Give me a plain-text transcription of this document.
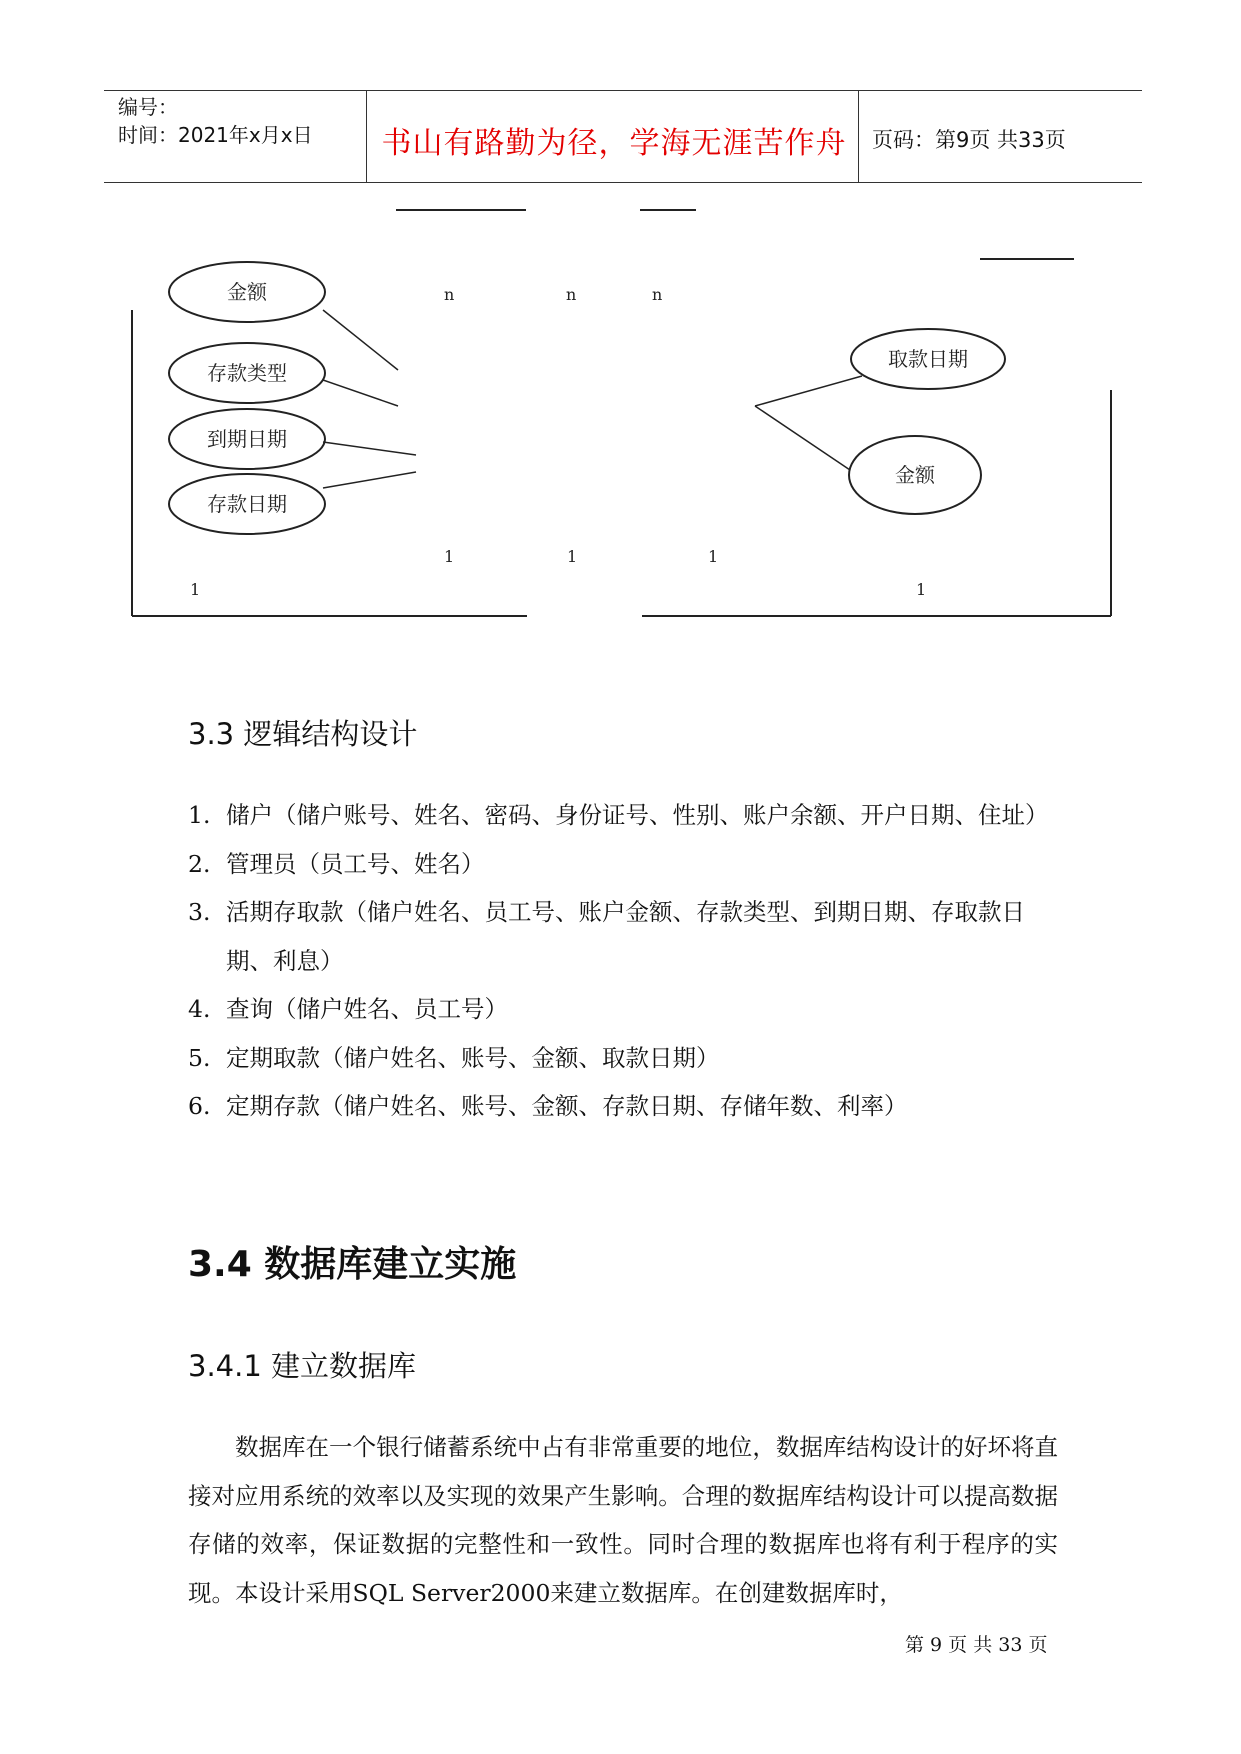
编号：
时间：2021年x月x日	书山有路勤为径，学海无涯苦作舟	页码：第9页 共33页
金额
存款类型
到期日期
存款日期
取款日期
金额
n	n	n
1	1	1
1	1
3.3 逻辑结构设计
1. 储户（储户账号、姓名、密码、身份证号、性别、账户余额、开户日期、住址）
2. 管理员（员工号、姓名）
3. 活期存取款（储户姓名、员工号、账户金额、存款类型、到期日期、存取款日期、利息）
4. 查询（储户姓名、员工号）
5. 定期取款（储户姓名、账号、金额、取款日期）
6. 定期存款（储户姓名、账号、金额、存款日期、存储年数、利率）
3.4 数据库建立实施
3.4.1 建立数据库

数据库在一个银行储蓄系统中占有非常重要的地位，数据库结构设计的好坏将直接对应用系统的效率以及实现的效果产生影响。合理的数据库结构设计可以提高数据存储的效率，保证数据的完整性和一致性。同时合理的数据库也将有利于程序的实现。本设计采用SQL Server2000来建立数据库。在创建数据库时，

第 9 页 共 33 页
